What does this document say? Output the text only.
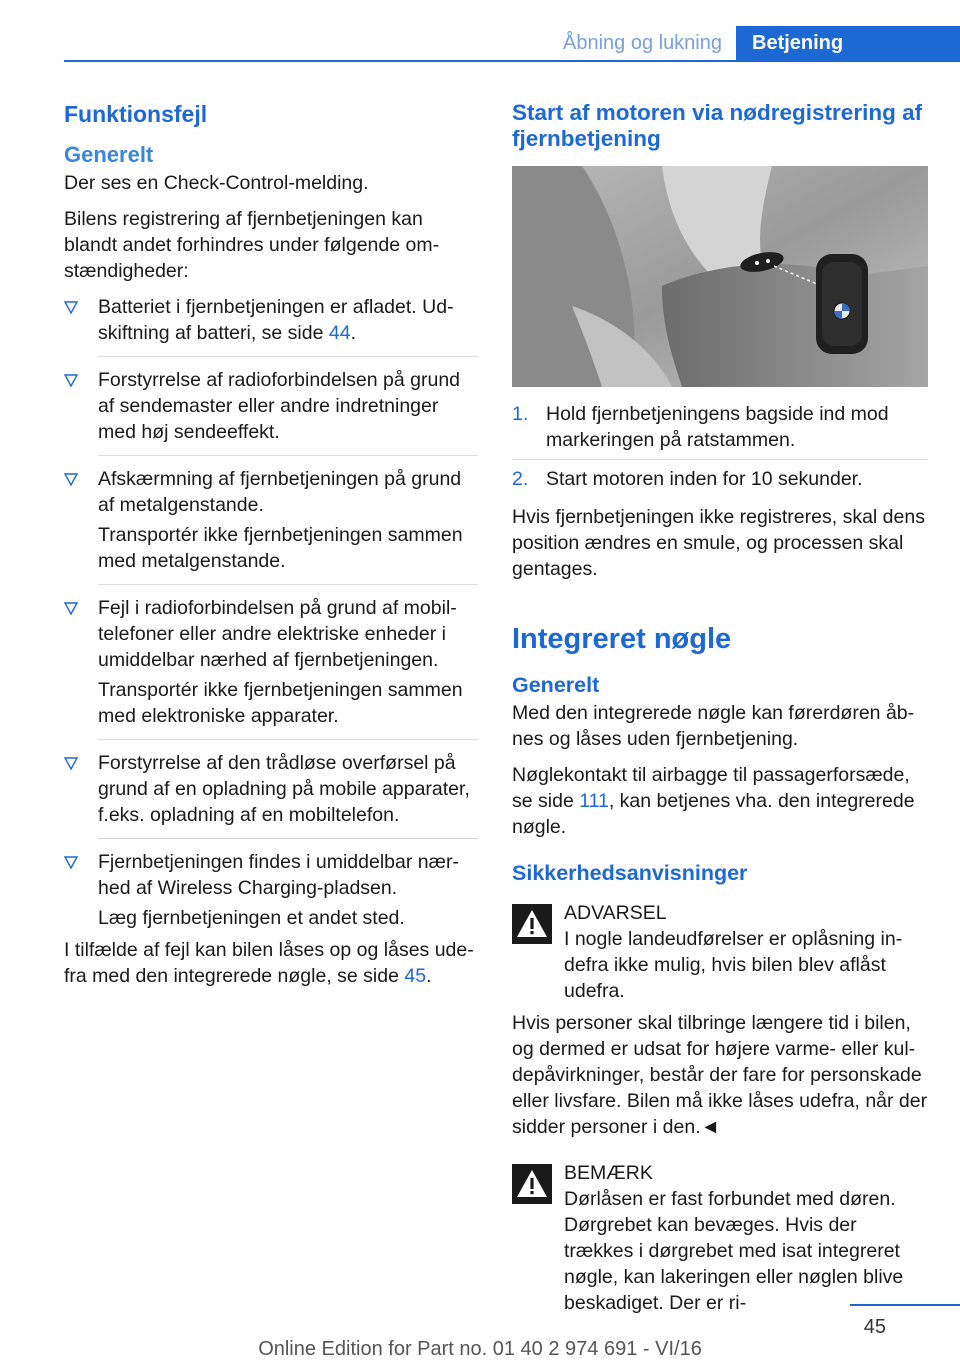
Åbning og lukning	Betjening
Funktionsfejl
Generelt

Der ses en Check-Control-melding.

Bilens registrering af fjernbetjeningen kan blandt andet forhindres under følgende omstændigheder:

Batteriet i fjernbetjeningen er afladet. Udskiftning af batteri, se side 44.
Forstyrrelse af radioforbindelsen på grund af sendemaster eller andre indretninger med høj sendeeffekt.
Afskærmning af fjernbetjeningen på grund af metalgenstande.
Transportér ikke fjernbetjeningen sammen med metalgenstande.
Fejl i radioforbindelsen på grund af mobiltelefoner eller andre elektriske enheder i umiddelbar nærhed af fjernbetjeningen.
Transportér ikke fjernbetjeningen sammen med elektroniske apparater.
Forstyrrelse af den trådløse overførsel på grund af en opladning på mobile apparater, f.eks. opladning af en mobiltelefon.
Fjernbetjeningen findes i umiddelbar nærhed af Wireless Charging-pladsen.
Læg fjernbetjeningen et andet sted.

I tilfælde af fejl kan bilen låses op og låses udefra med den integrerede nøgle, se side 45.

Start af motoren via nødregistrering af fjernbetjening
1. Hold fjernbetjeningens bagside ind mod markeringen på ratstammen.
2. Start motoren inden for 10 sekunder.

Hvis fjernbetjeningen ikke registreres, skal dens position ændres en smule, og processen skal gentages.

Integreret nøgle
Generelt

Med den integrerede nøgle kan førerdøren åbnes og låses uden fjernbetjening.

Nøglekontakt til airbagge til passagerforsæde, se side 111, kan betjenes vha. den integrerede nøgle.

Sikkerhedsanvisninger
ADVARSEL

I nogle landeudførelser er oplåsning indefra ikke mulig, hvis bilen blev aflåst udefra.

Hvis personer skal tilbringe længere tid i bilen, og dermed er udsat for højere varme- eller kuldepåvirkninger, består der fare for personskade eller livsfare. Bilen må ikke låses udefra, når der sidder personer i den.◄

BEMÆRK

Dørlåsen er fast forbundet med døren. Dørgrebet kan bevæges. Hvis der trækkes i dørgrebet med isat integreret nøgle, kan lakeringen eller nøglen blive beskadiget. Der er ri-

45
Online Edition for Part no. 01 40 2 974 691 - VI/16
